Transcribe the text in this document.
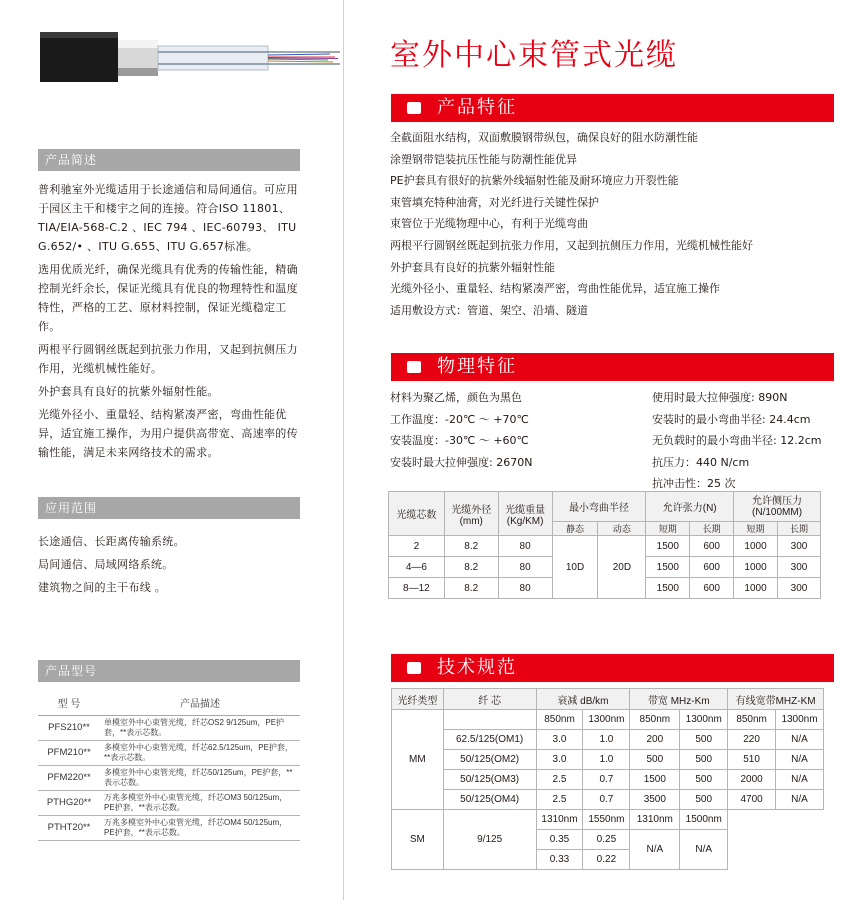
产品简述

普利驰室外光缆适用于长途通信和局间通信。可应用于园区主干和楼宇之间的连接。符合ISO 11801、 TIA/EIA-568-C.2 、IEC 794 、IEC-60793、 ITU G.652/• 、ITU G.655、ITU G.657标准。

选用优质光纤，确保光缆具有优秀的传输性能，精确控制光纤余长，保证光缆具有优良的物理特性和温度特性，严格的工艺、原材料控制，保证光缆稳定工作。

两根平行圆钢丝既起到抗张力作用，又起到抗侧压力作用，光缆机械性能好。

外护套具有良好的抗紫外辐射性能。

光缆外径小、重量轻、结构紧凑严密，弯曲性能优异，适宜施工操作，为用户提供高带宽、高速率的传输性能，满足未来网络技术的需求。

应用范围
长途通信、长距离传输系统。
局间通信、局域网络系统。
建筑物之间的主干布线 。
产品型号
型 号	产品描述
PFS210**	单模室外中心束管光缆，纤芯OS2 9/125um，PE护套，**表示芯数。
PFM210**	多模室外中心束管光缆，纤芯62.5/125um，PE护套，**表示芯数。
PFM220**	多模室外中心束管光缆，纤芯50/125um，PE护套，**表示芯数。
PTHG20**	万兆多模室外中心束管光缆，纤芯OM3 50/125um，PE护套，**表示芯数。
PTHT20**	万兆多模室外中心束管光缆，纤芯OM4 50/125um，PE护套，**表示芯数。
室外中心束管式光缆
产品特征
全截面阻水结构，双面敷膜钢带纵包，确保良好的阻水防潮性能
涂塑钢带铠装抗压性能与防潮性能优异
PE护套具有很好的抗紫外线辐射性能及耐环境应力开裂性能
束管填充特种油膏，对光纤进行关键性保护
束管位于光缆物理中心，有利于光缆弯曲
两根平行圆钢丝既起到抗张力作用，又起到抗侧压力作用，光缆机械性能好
外护套具有良好的抗紫外辐射性能
光缆外径小、重量轻、结构紧凑严密，弯曲性能优异，适宜施工操作
适用敷设方式：管道、架空、沿墙、隧道
物理特征
材料为聚乙烯，颜色为黑色
工作温度：-20℃ ～ +70℃
安装温度：-30℃ ～ +60℃
安装时最大拉伸强度: 2670N
使用时最大拉伸强度: 890N
安装时的最小弯曲半径: 24.4cm
无负载时的最小弯曲半径: 12.2cm
抗压力：440 N/cm
抗冲击性：25 次
光缆芯数	光缆外径 (mm)	光缆重量 (Kg/KM)	最小弯曲半径		允许张力(N)		允许侧压力 (N/100MM)	
			静态	动态	短期	长期	短期	长期
2	8.2	80	10D	20D	1500	600	1000	300
4—6	8.2	80			1500	600	1000	300
8—12	8.2	80			1500	600	1000	300
技术规范
光纤类型	纤 芯	衰减 dB/km		带宽 MHz-Km		有线宽带MHZ-KM	
MM		850nm	1300nm	850nm	1300nm	850nm	1300nm
	62.5/125(OM1)	3.0	1.0	200	500	220	N/A
	50/125(OM2)	3.0	1.0	500	500	510	N/A
	50/125(OM3)	2.5	0.7	1500	500	2000	N/A
	50/125(OM4)	2.5	0.7	3500	500	4700	N/A
SM	9/125	1310nm	1550nm	1310nm	1500nm		
		0.35	0.25	N/A	N/A		
		0.33	0.22				
